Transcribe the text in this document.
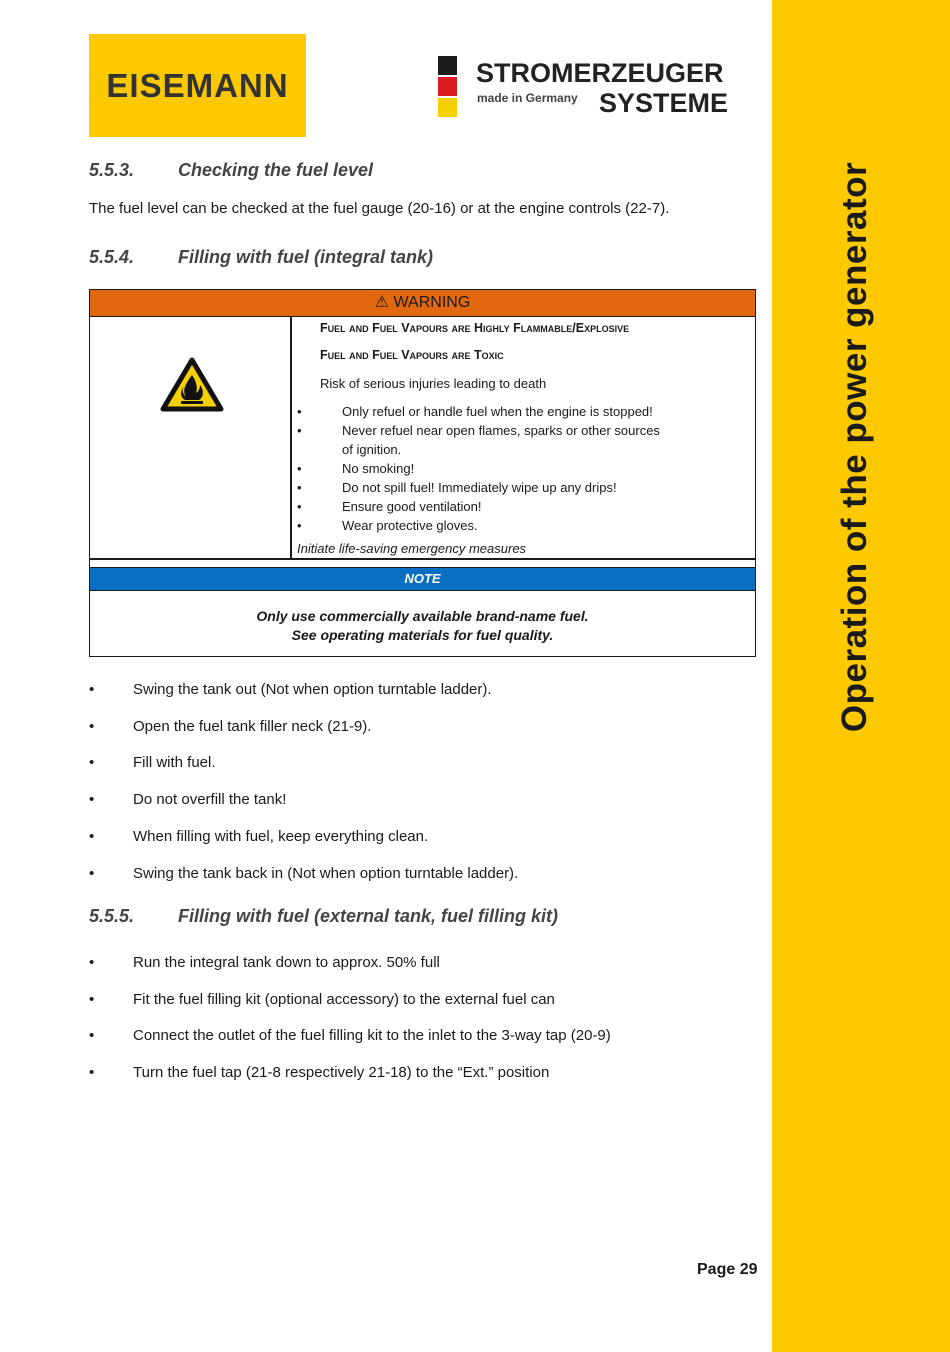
Operation of the power generator
EISEMANN	STROMERZEUGER
made in Germany SYSTEME
5.5.3. Checking the fuel level
The fuel level can be checked at the fuel gauge (20-16) or at the engine controls (22-7).
5.5.4. Filling with fuel (integral tank)
⚠ WARNING
Fuel and Fuel Vapours are Highly Flammable/Explosive
Fuel and Fuel Vapours are Toxic
Risk of serious injuries leading to death
•	Only refuel or handle fuel when the engine is stopped!
•	Never refuel near open flames, sparks or other sources
of ignition.
•	No smoking!
•	Do not spill fuel! Immediately wipe up any drips!
•	Ensure good ventilation!
•	Wear protective gloves.
Initiate life-saving emergency measures
NOTE
Only use commercially available brand-name fuel.
See operating materials for fuel quality.
•	Swing the tank out (Not when option turntable ladder).
•	Open the fuel tank filler neck (21-9).
•	Fill with fuel.
•	Do not overfill the tank!
•	When filling with fuel, keep everything clean.
•	Swing the tank back in (Not when option turntable ladder).
5.5.5. Filling with fuel (external tank, fuel filling kit)
•	Run the integral tank down to approx. 50% full
•	Fit the fuel filling kit (optional accessory) to the external fuel can
•	Connect the outlet of the fuel filling kit to the inlet to the 3-way tap (20-9)
•	Turn the fuel tap (21-8 respectively 21-18) to the “Ext.” position
Page 29
